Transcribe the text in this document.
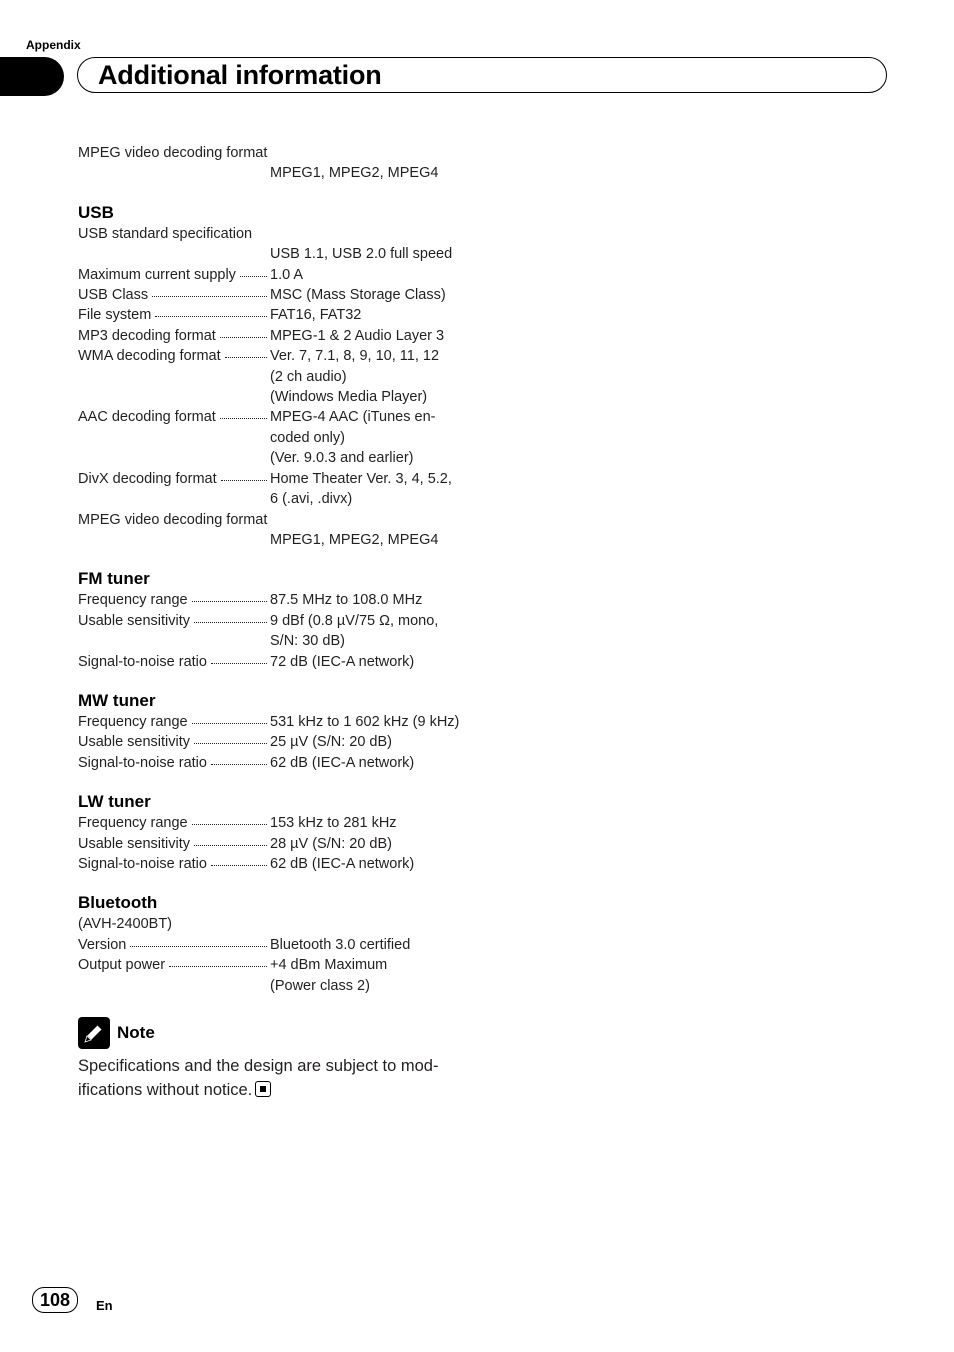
Appendix
Additional information
MPEG video decoding format
MPEG1, MPEG2, MPEG4
USB
USB standard specification
USB 1.1, USB 2.0 full speed
Maximum current supply 1.0 A
USB Class	MSC (Mass Storage Class)
File system	FAT16, FAT32
MP3 decoding format	MPEG-1 & 2 Audio Layer 3
WMA decoding format	Ver. 7, 7.1, 8, 9, 10, 11, 12
(2 ch audio)
(Windows Media Player)
AAC decoding format	MPEG-4 AAC (iTunes en-
coded only)
(Ver. 9.0.3 and earlier)
DivX decoding format	Home Theater Ver. 3, 4, 5.2,
6 (.avi, .divx)
MPEG video decoding format
MPEG1, MPEG2, MPEG4
FM tuner
Frequency range	87.5 MHz to 108.0 MHz
Usable sensitivity	9 dBf (0.8 µV/75 Ω, mono,
S/N: 30 dB)
Signal-to-noise ratio	72 dB (IEC-A network)
MW tuner
Frequency range	531 kHz to 1 602 kHz (9 kHz)
Usable sensitivity	25 µV (S/N: 20 dB)
Signal-to-noise ratio	62 dB (IEC-A network)
LW tuner
Frequency range	153 kHz to 281 kHz
Usable sensitivity	28 µV (S/N: 20 dB)
Signal-to-noise ratio	62 dB (IEC-A network)
Bluetooth
(AVH-2400BT)
Version	Bluetooth 3.0 certified
Output power	+4 dBm Maximum
(Power class 2)
Note
Specifications and the design are subject to mod-ifications without notice.
108	En
